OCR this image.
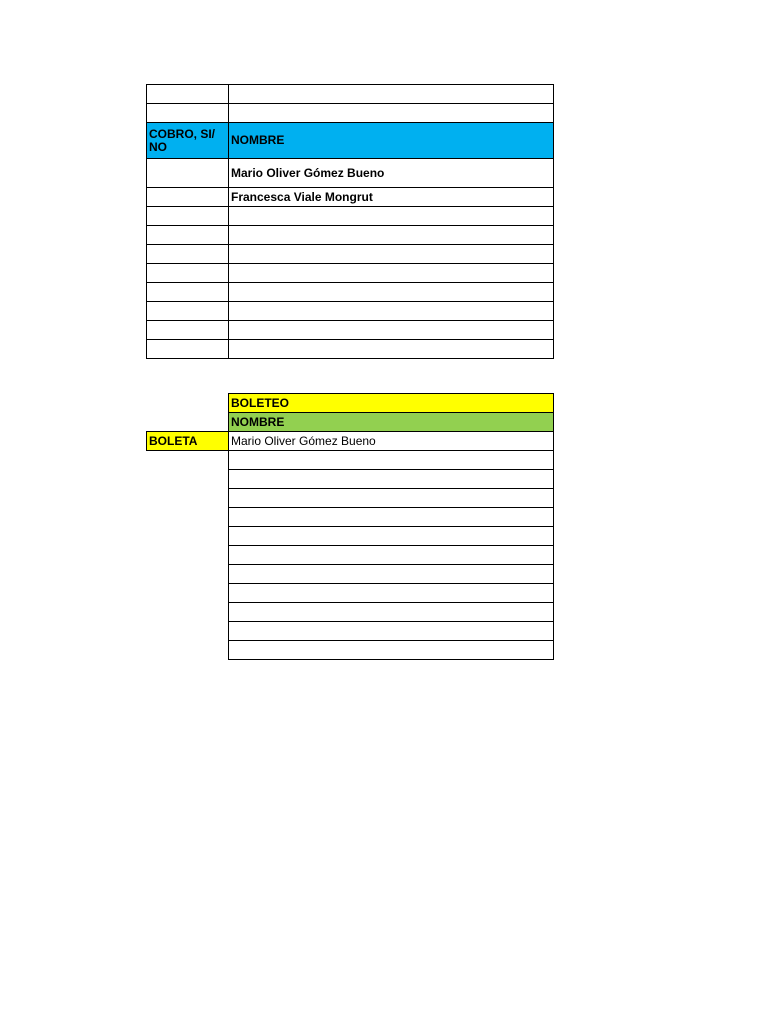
COBRO, SI/ NO	NOMBRE
	Mario Oliver Gómez Bueno
	Francesca Viale Mongrut

	BOLETEO
	NOMBRE
BOLETA	Mario Oliver Gómez Bueno
